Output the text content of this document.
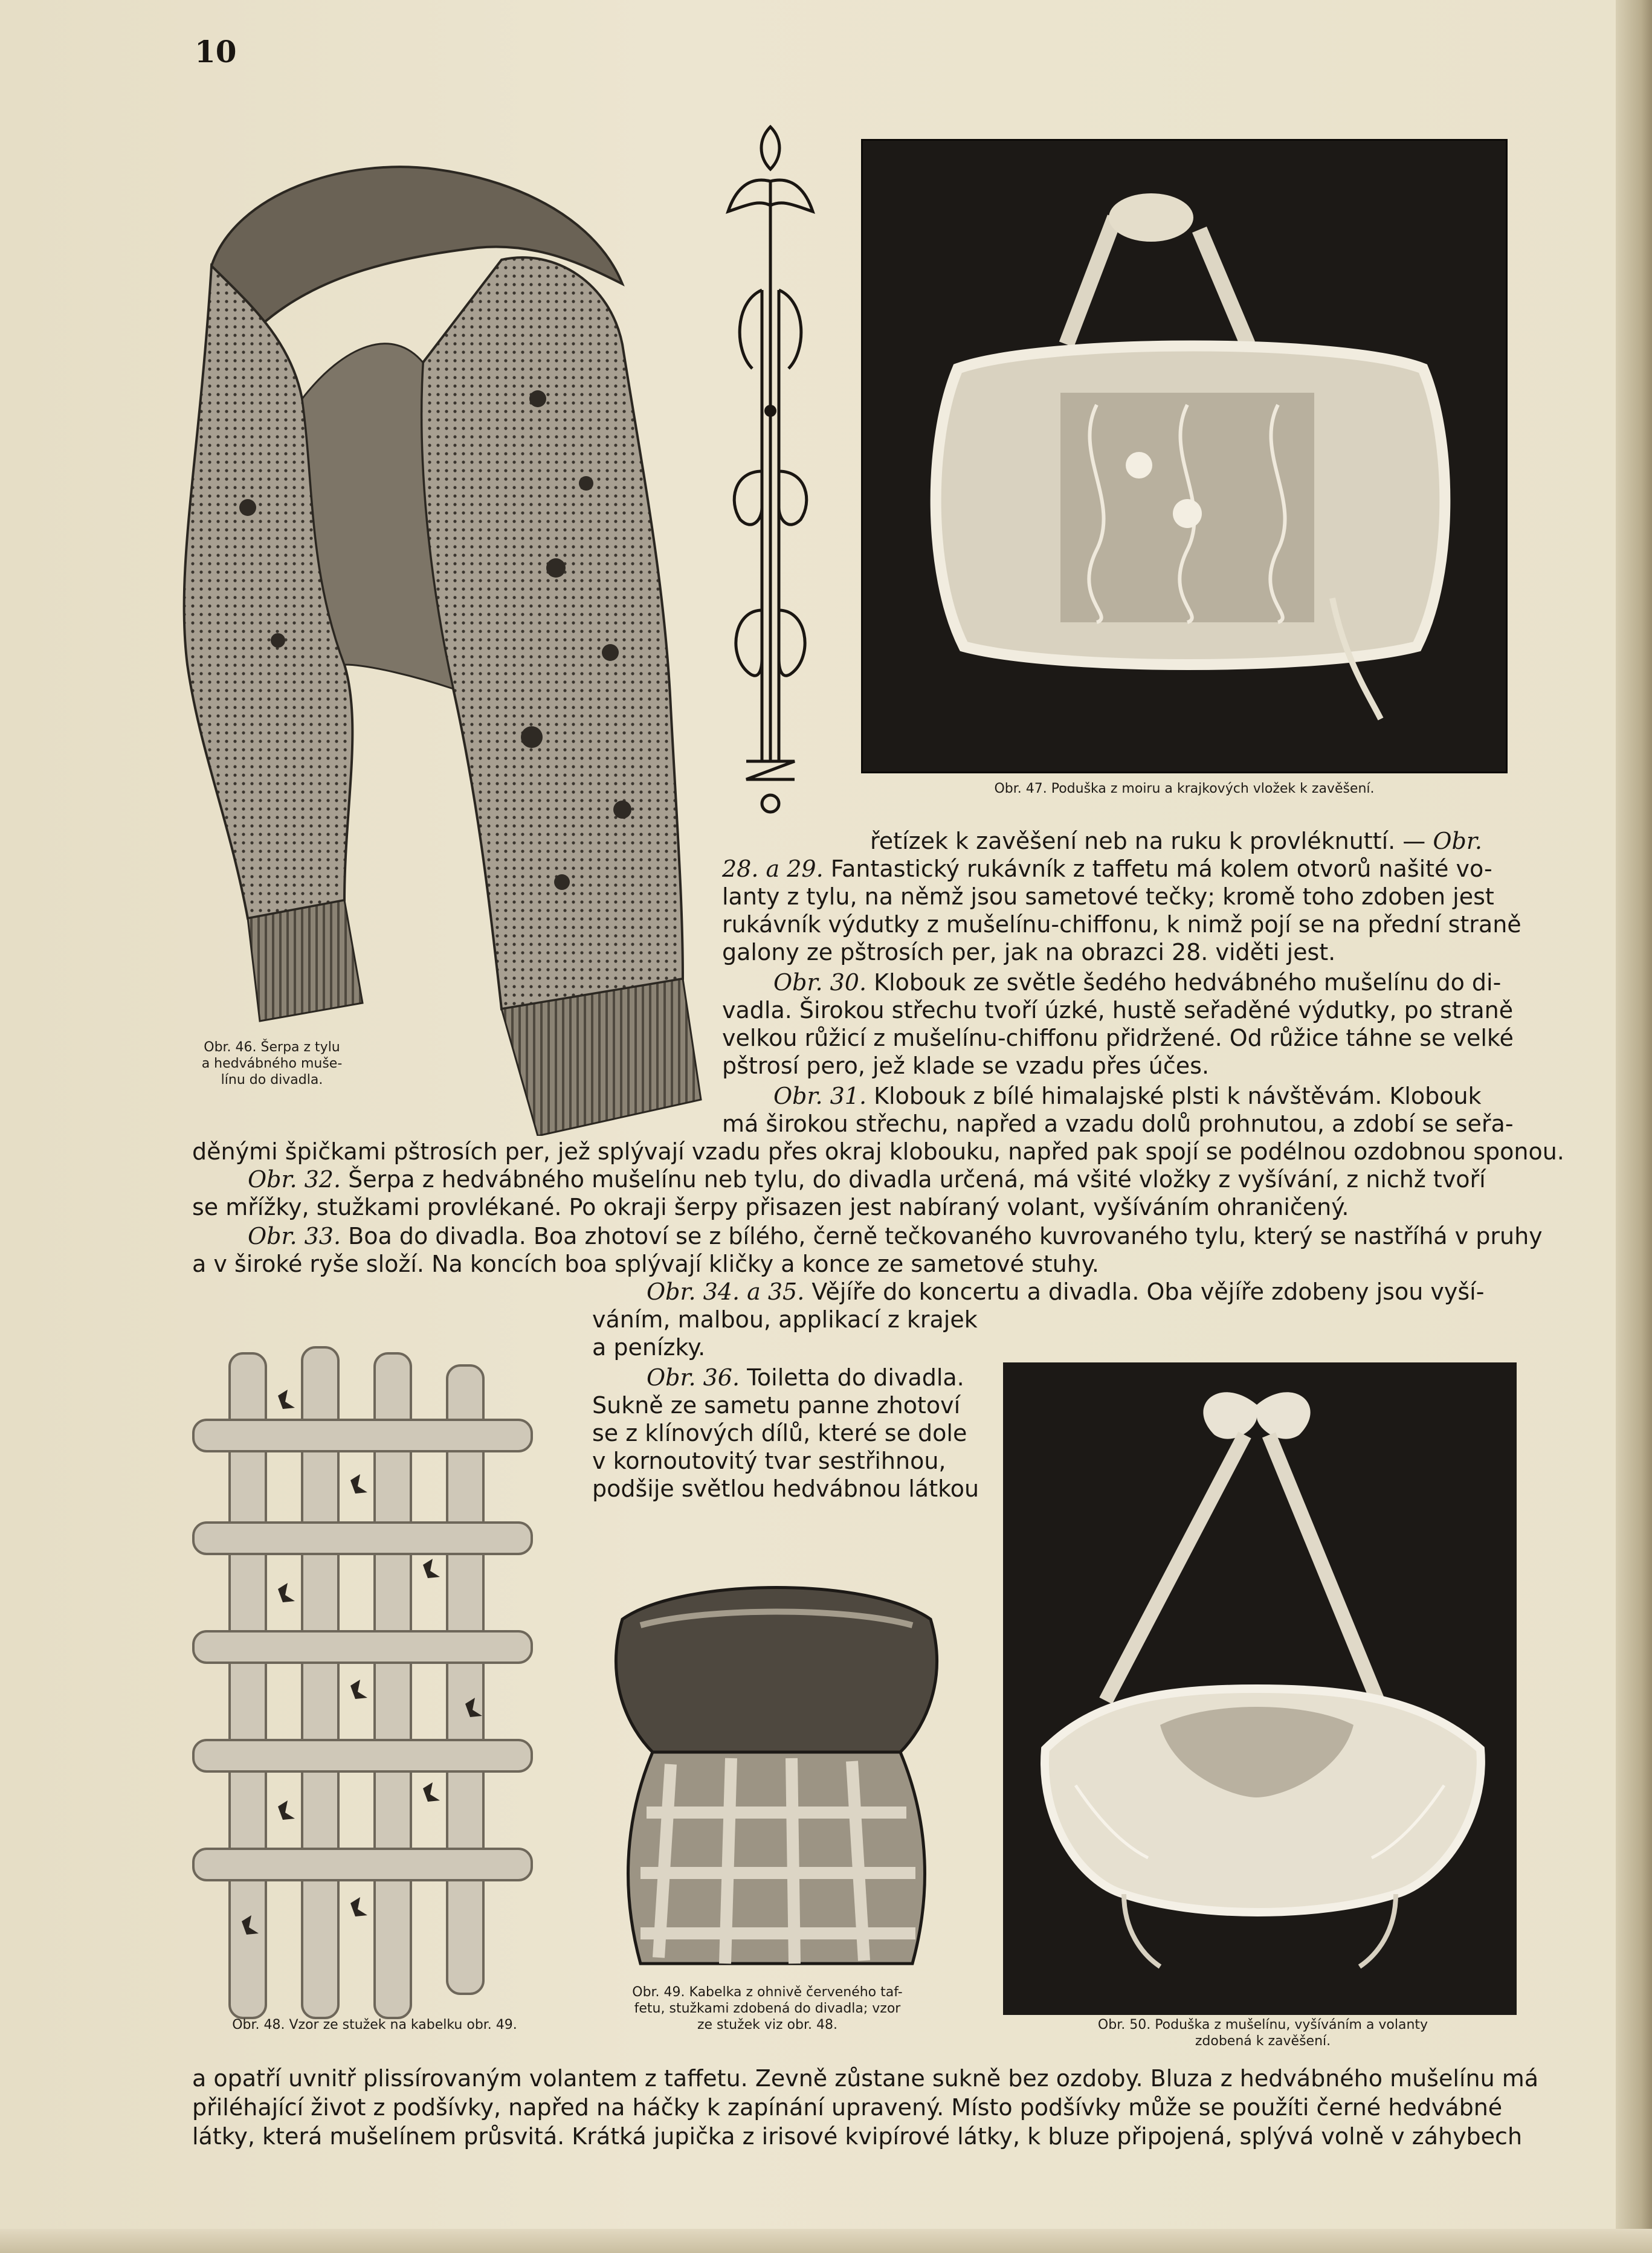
10
Obr. 46. Šerpa z tylu
a hedvábného muše-
línu do divadla.
Obr. 47. Poduška z moiru a krajkových vložek k zavěšení.
řetízek k zavěšení neb na ruku k provléknuttí. — Obr.
28. a 29. Fantastický rukávník z taffetu má kolem otvorů našité vo-
lanty z tylu, na němž jsou sametové tečky; kromě toho zdoben jest
rukávník výdutky z mušelínu-chiffonu, k nimž pojí se na přední straně
galony ze pštrosích per, jak na obrazci 28. viděti jest.
Obr. 30. Klobouk ze světle šedého hedvábného mušelínu do di-
vadla. Širokou střechu tvoří úzké, hustě seřaděné výdutky, po straně
velkou růžicí z mušelínu-chiffonu přidržené. Od růžice táhne se velké
pštrosí pero, jež klade se vzadu přes účes.
Obr. 31. Klobouk z bílé himalajské plsti k návštěvám. Klobouk
má širokou střechu, napřed a vzadu dolů prohnutou, a zdobí se seřa-
děnými špičkami pštrosích per, jež splývají vzadu přes okraj klobouku, napřed pak spojí se podélnou ozdobnou sponou.
Obr. 32. Šerpa z hedvábného mušelínu neb tylu, do divadla určená, má všité vložky z vyšívání, z nichž tvoří
se mřížky, stužkami provlékané. Po okraji šerpy přisazen jest nabíraný volant, vyšíváním ohraničený.
Obr. 33. Boa do divadla. Boa zhotoví se z bílého, černě tečkovaného kuvrovaného tylu, který se nastříhá v pruhy
a v široké ryše složí. Na koncích boa splývají kličky a konce ze sametové stuhy.
Obr. 34. a 35. Vějíře do koncertu a divadla. Oba vějíře zdobeny jsou vyší-
váním, malbou, applikací z krajek
a penízky.
Obr. 36. Toiletta do divadla.
Sukně ze sametu panne zhotoví
se z klínových dílů, které se dole
v kornoutovitý tvar sestřihnou,
podšije světlou hedvábnou látkou
Obr. 48. Vzor ze stužek na kabelku obr. 49.
Obr. 49. Kabelka z ohnivě červeného taf-
fetu, stužkami zdobená do divadla; vzor
ze stužek viz obr. 48.	Obr. 50. Poduška z mušelínu, vyšíváním a volanty
zdobená k zavěšení.
a opatří uvnitř plissírovaným volantem z taffetu. Zevně zůstane sukně bez ozdoby. Bluza z hedvábného mušelínu má
přiléhající život z podšívky, napřed na háčky k zapínání upravený. Místo podšívky může se použíti černé hedvábné
látky, která mušelínem průsvitá. Krátká jupička z irisové kvipírové látky, k bluze připojená, splývá volně v záhybech
